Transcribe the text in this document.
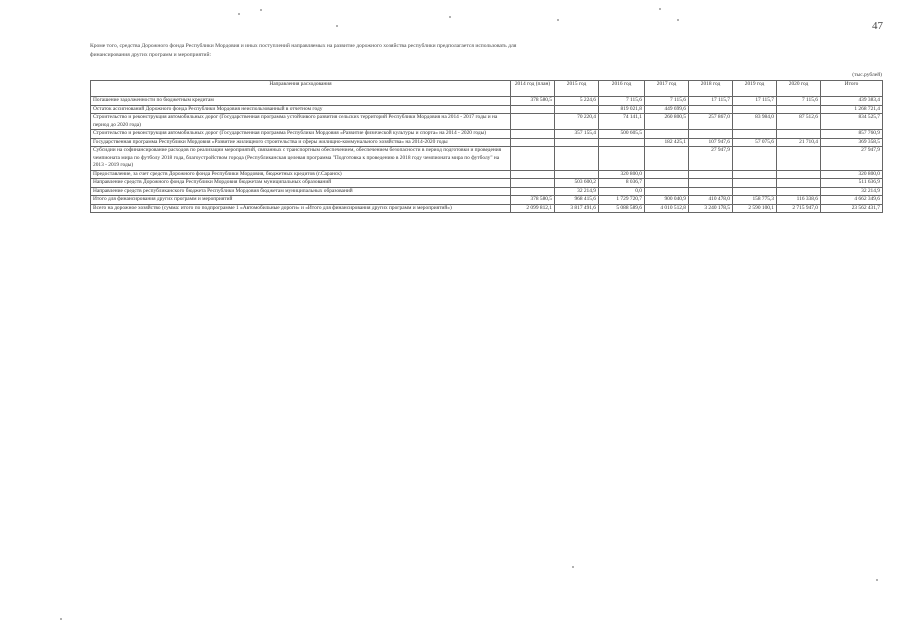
47
Кроме того, средства Дорожного фонда Республики Мордовия и иных поступлений направляемых на развитие дорожного хозяйства республики предполагается использовать для финансирования других программ и мероприятий:
(тыс.рублей)
Направления расходования	2014 год (план)	2015 год	2016 год	2017 год	2018 год	2019 год	2020 год	Итого
Погашение задолженности по бюджетным кредитам	378 580,5	5 224,6	7 115,6	7 115,6	17 115,7	17 115,7	7 115,6	439 383,4
Остаток ассигнований Дорожного фонда Республики Мордовия неиспользованный в отчетном году			819 021,8	449 699,6				1 268 721,4
Строительство и реконструкция автомобильных дорог (Государственная программа устойчивого развития сельских территорий Республики Мордовия на 2014 - 2017 годы и на период до 2020 года)		70 220,4	74 141,1	260 800,5	257 867,0	83 984,0	87 512,6	834 525,7
Строительство и реконструкция автомобильных дорог (Государственная программа Республики Мордовия «Развитие физической культуры и спорта» на 2014 - 2020 годы)		357 155,4	500 605,5					857 760,9
Государственная программа Республики Мордовия «Развитие жилищного строительства и сферы жилищно-коммунального хозяйства» на 2014-2020 годы				182 425,1	107 947,6	57 075,6	21 710,4	369 358,5
Субсидии на софинансирование расходов по реализации мероприятий, связанных с транспортным обеспечением, обеспечением безопасности в период подготовки и проведения чемпионата мира по футболу 2018 года, благоустройством города (Республиканская целевая программа "Подготовка к проведению в 2018 году чемпионата мира по футболу" на 2013 - 2019 годы)					27 947,9			27 947,9
Предоставление, за счет средств Дорожного фонда Республики Мордовия, бюджетных кредитов (г.Саранск)			320 800,0					320 800,0
Направление средств Дорожного фонда Республики Мордовия бюджетам муниципальных образований		503 600,2	8 036,7					511 636,9
Направление средств республиканского бюджета Республики Мордовия бюджетам муниципальных образований		32 214,9	0,0					32 214,9
Итого для финансирования других программ и мероприятий	378 580,5	968 415,6	1 729 720,7	900 040,9	410 478,0	158 775,3	116 338,6	4 662 349,6
Всего на дорожное хозяйство (сумма: итого по подпрограмме 1 «Автомобильные дороги» и «Итого для финансирования других программ и мероприятий»)	2 099 812,1	3 817 491,6	5 088 589,6	4 010 512,8	3 240 178,5	2 590 100,1	2 715 947,0	23 562 431,7
